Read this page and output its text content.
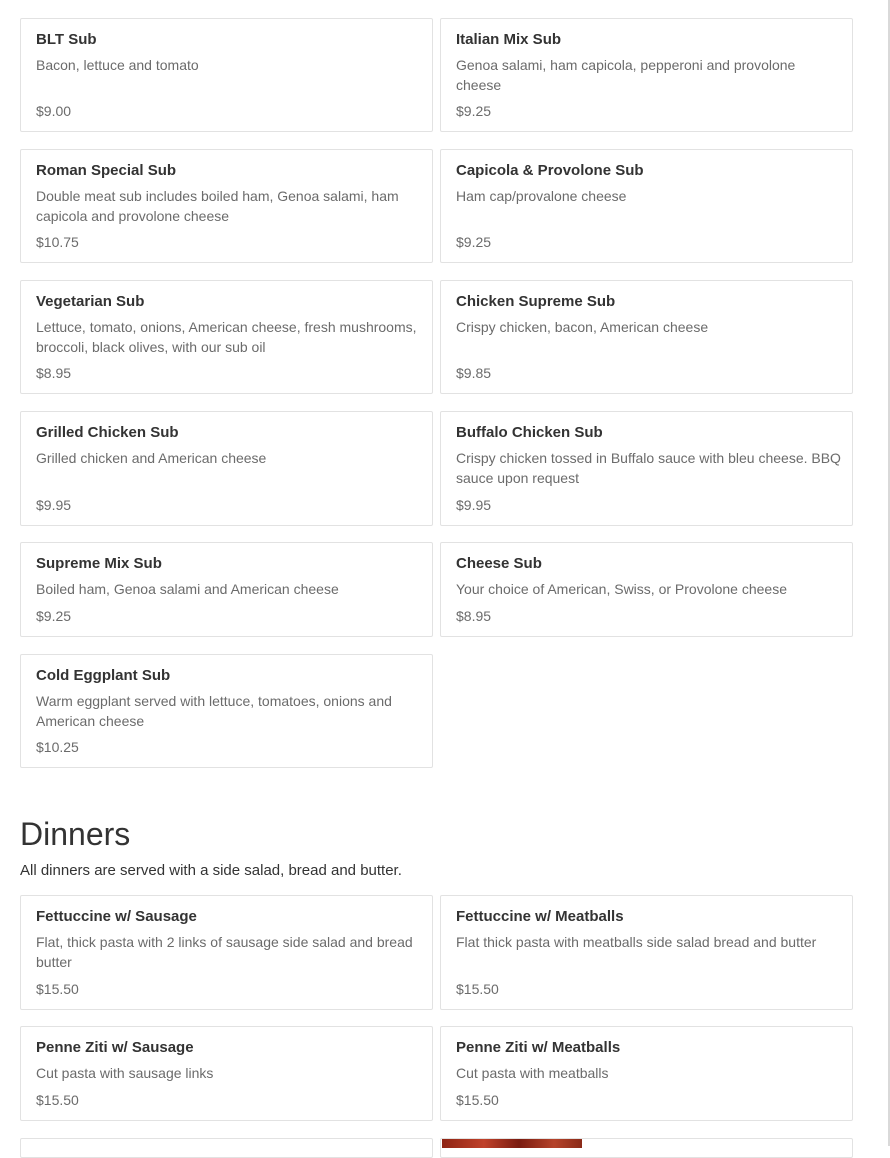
BLT Sub
Bacon, lettuce and tomato
$9.00
Italian Mix Sub
Genoa salami, ham capicola, pepperoni and provolone cheese
$9.25
Roman Special Sub
Double meat sub includes boiled ham, Genoa salami, ham capicola and provolone cheese
$10.75
Capicola & Provolone Sub
Ham cap/provalone cheese
$9.25
Vegetarian Sub
Lettuce, tomato, onions, American cheese, fresh mushrooms, broccoli, black olives, with our sub oil
$8.95
Chicken Supreme Sub
Crispy chicken, bacon, American cheese
$9.85
Grilled Chicken Sub
Grilled chicken and American cheese
$9.95
Buffalo Chicken Sub
Crispy chicken tossed in Buffalo sauce with bleu cheese. BBQ sauce upon request
$9.95
Supreme Mix Sub
Boiled ham, Genoa salami and American cheese
$9.25
Cheese Sub
Your choice of American, Swiss, or Provolone cheese
$8.95
Cold Eggplant Sub
Warm eggplant served with lettuce, tomatoes, onions and American cheese
$10.25
Dinners

All dinners are served with a side salad, bread and butter.

Fettuccine w/ Sausage
Flat, thick pasta with 2 links of sausage side salad and bread butter
$15.50
Fettuccine w/ Meatballs
Flat thick pasta with meatballs side salad bread and butter
$15.50
Penne Ziti w/ Sausage
Cut pasta with sausage links
$15.50
Penne Ziti w/ Meatballs
Cut pasta with meatballs
$15.50
